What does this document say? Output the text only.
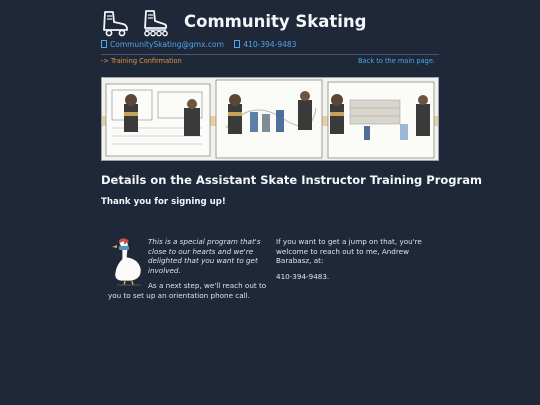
Community Skating
CommunitySkating@gmx.com	410-394-9483
-> Training Confirmation	Back to the main page.
Details on the Assistant Skate Instructor Training Program
Thank you for signing up!
This is a special program that's close to our hearts and we're delighted that you want to get involved.
As a next step, we'll reach out to
you to set up an orientation phone call.
If you want to get a jump on that, you're welcome to reach out to me, Andrew Barabasz, at:
410-394-9483.
